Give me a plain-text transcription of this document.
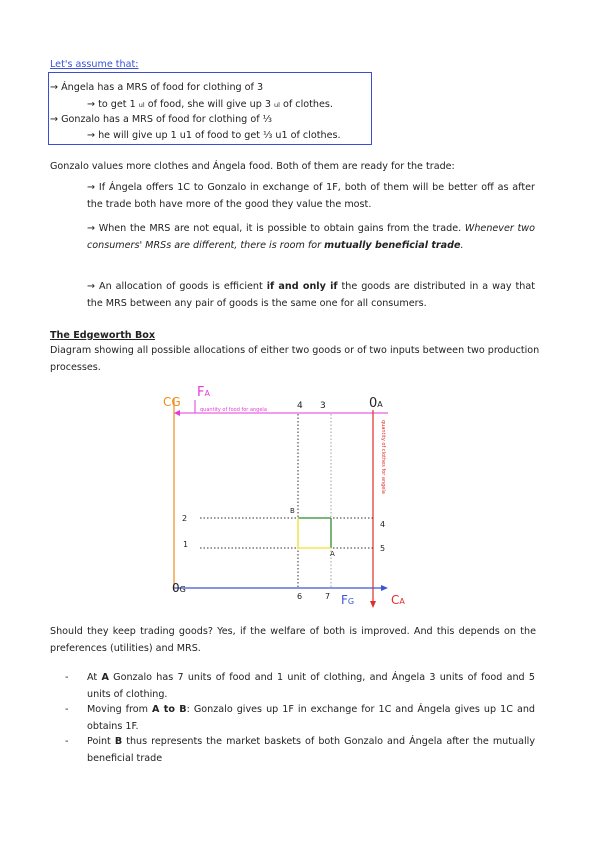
Let's assume that:
→ Ángela has a MRS of food for clothing of 3
→ to get 1 ul of food, she will give up 3 ul of clothes.
→ Gonzalo has a MRS of food for clothing of ⅓
→ he will give up 1 u1 of food to get ⅓ u1 of clothes.
Gonzalo values more clothes and Ángela food. Both of them are ready for the trade:
→ If Ángela offers 1C to Gonzalo in exchange of 1F, both of them will be better off as after the trade both have more of the good they value the most.
→ When the MRS are not equal, it is possible to obtain gains from the trade. Whenever two consumers' MRSs are different, there is room for mutually beneficial trade.
→ An allocation of goods is efficient if and only if the goods are distributed in a way that the MRS between any pair of goods is the same one for all consumers.
The Edgeworth Box
Diagram showing all possible allocations of either two goods or of two inputs between two production processes.
CG
FA
quantity of food for angela	4 3	0A
quantity of clothes for angela
2
1
4
5
B
A
0G
6	7 FG	CA
Should they keep trading goods? Yes, if the welfare of both is improved. And this depends on the preferences (utilities) and MRS.
- At A Gonzalo has 7 units of food and 1 unit of clothing, and Ángela 3 units of food and 5 units of clothing.
- Moving from A to B: Gonzalo gives up 1F in exchange for 1C and Ángela gives up 1C and obtains 1F.
- Point B thus represents the market baskets of both Gonzalo and Ángela after the mutually beneficial trade
